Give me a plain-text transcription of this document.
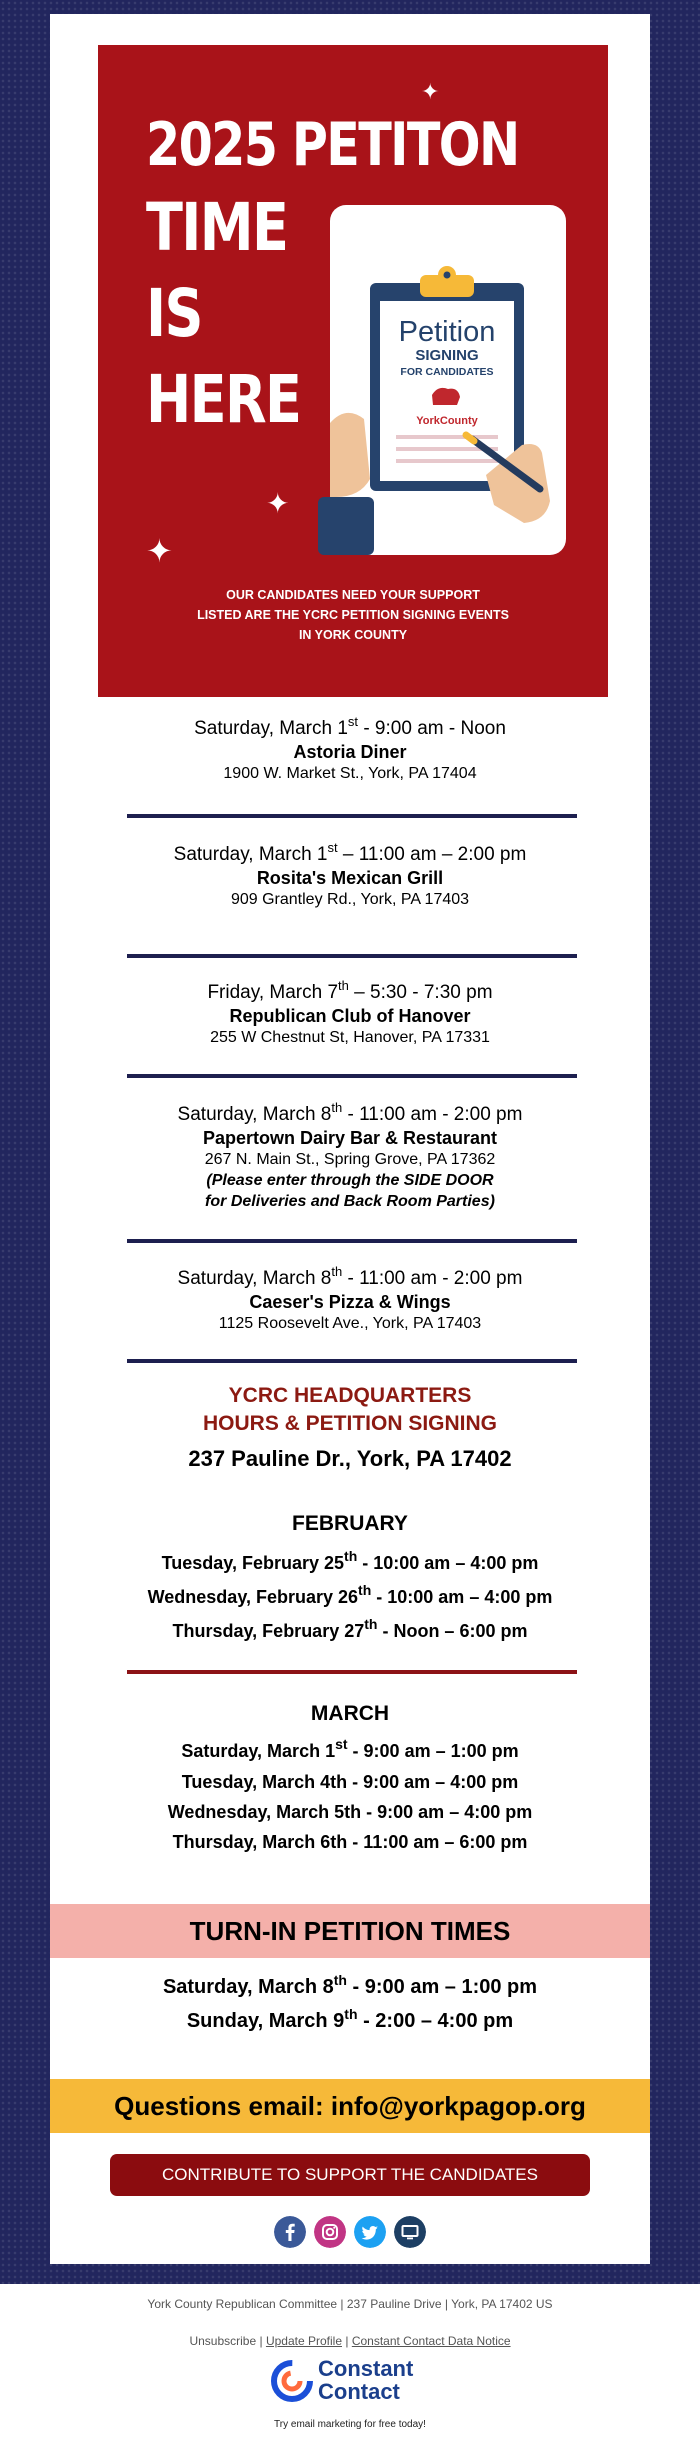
2025 PETITON

TIME
IS
HERE
✦
✦
✦
Petition
SIGNING
FOR CANDIDATES
YorkCounty

OUR CANDIDATES NEED YOUR SUPPORT
LISTED ARE THE YCRC PETITION SIGNING EVENTS
IN YORK COUNTY

Saturday, March 1st - 9:00 am - Noon
Astoria Diner
1900 W. Market St., York, PA 17404
Saturday, March 1st – 11:00 am – 2:00 pm
Rosita's Mexican Grill
909 Grantley Rd., York, PA 17403
Friday, March 7th – 5:30 - 7:30 pm
Republican Club of Hanover
255 W Chestnut St, Hanover, PA 17331
Saturday, March 8th - 11:00 am - 2:00 pm
Papertown Dairy Bar & Restaurant
267 N. Main St., Spring Grove, PA 17362
(Please enter through the SIDE DOOR
for Deliveries and Back Room Parties)
Saturday, March 8th - 11:00 am - 2:00 pm
Caeser's Pizza & Wings
1125 Roosevelt Ave., York, PA 17403
YCRC HEADQUARTERS
HOURS & PETITION SIGNING
237 Pauline Dr., York, PA 17402
FEBRUARY
Tuesday, February 25th - 10:00 am – 4:00 pm
Wednesday, February 26th - 10:00 am – 4:00 pm
Thursday, February 27th - Noon – 6:00 pm
MARCH
Saturday, March 1st - 9:00 am – 1:00 pm
Tuesday, March 4th - 9:00 am – 4:00 pm
Wednesday, March 5th - 9:00 am – 4:00 pm
Thursday, March 6th - 11:00 am – 6:00 pm
TURN-IN PETITION TIMES
Saturday, March 8th - 9:00 am – 1:00 pm
Sunday, March 9th - 2:00 – 4:00 pm
Questions email: info@yorkpagop.org
CONTRIBUTE TO SUPPORT THE CANDIDATES
York County Republican Committee | 237 Pauline Drive | York, PA 17402 US
Unsubscribe | Update Profile | Constant Contact Data Notice
Constant
Contact
Try email marketing for free today!
